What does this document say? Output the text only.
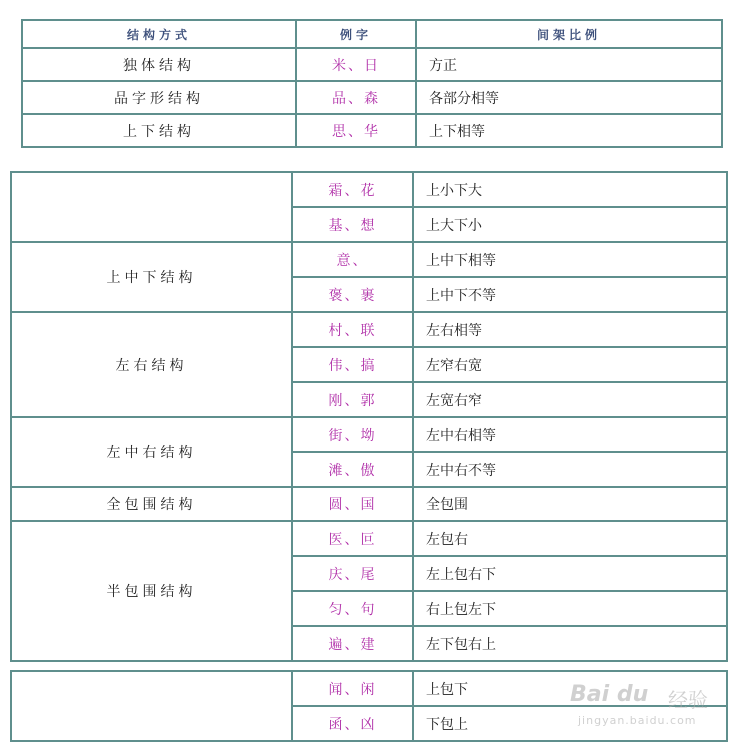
结构方式	例字	间架比例
独体结构	米、日	方正
品字形结构	品、森	各部分相等
上下结构	思、华	上下相等
	霜、花	上小下大
	基、想	上大下小
上中下结构	意、	上中下相等
	褒、裹	上中下不等
左右结构	村、联	左右相等
	伟、搞	左窄右宽
	刚、郭	左宽右窄
左中右结构	街、坳	左中右相等
	滩、傲	左中右不等
全包围结构	圆、国	全包围
半包围结构	医、叵	左包右
	庆、尾	左上包右下
	匀、句	右上包左下
	遍、建	左下包右上
	闻、闲	上包下
	函、凶	下包上
Bai du 经验
jingyan.baidu.com
